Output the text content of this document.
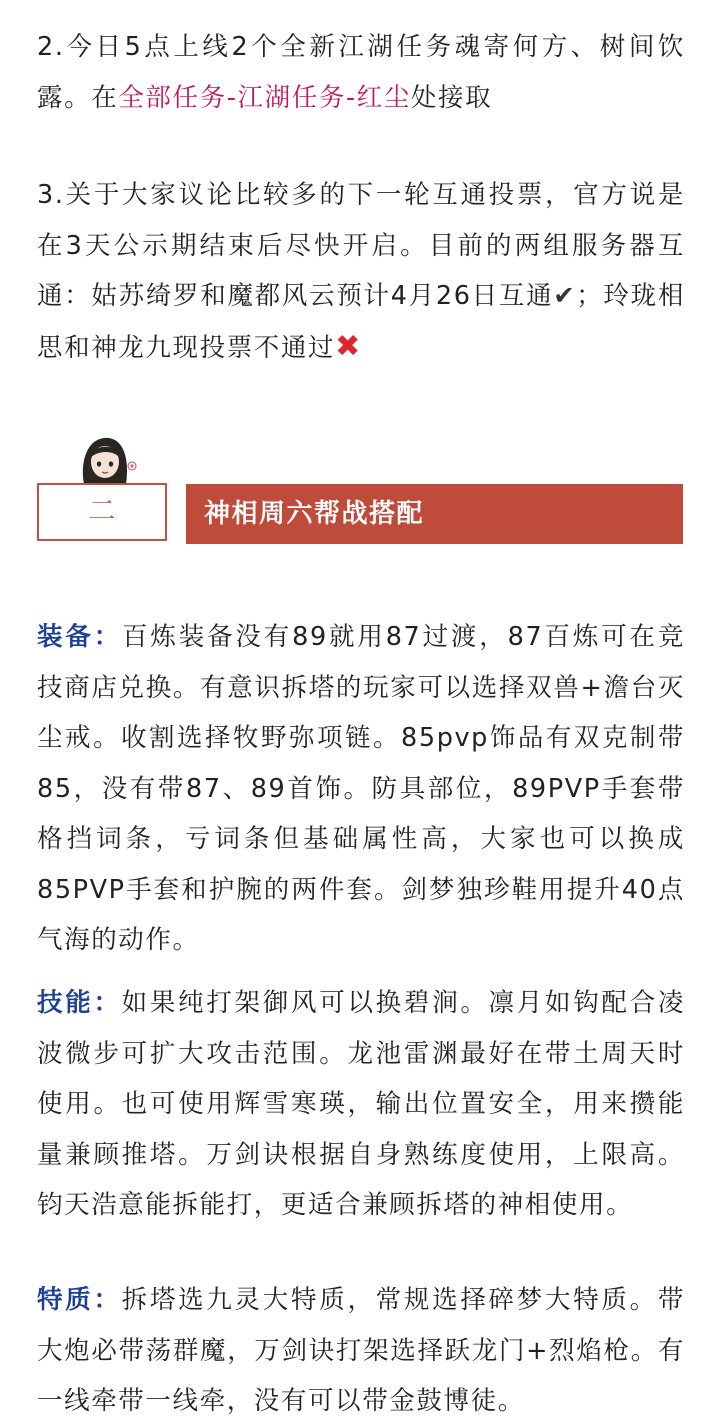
2.今日5点上线2个全新江湖任务魂寄何方、树间饮露。在全部任务-江湖任务-红尘处接取

3.关于大家议论比较多的下一轮互通投票，官方说是在3天公示期结束后尽快开启。目前的两组服务器互通：姑苏绮罗和魔都风云预计4月26日互通✔；玲珑相思和神龙九现投票不通过✖

二	神相周六帮战搭配

装备：百炼装备没有89就用87过渡，87百炼可在竞技商店兑换。有意识拆塔的玩家可以选择双兽+澹台灭尘戒。收割选择牧野弥项链。85pvp饰品有双克制带85，没有带87、89首饰。防具部位，89PVP手套带格挡词条，亏词条但基础属性高，大家也可以换成85PVP手套和护腕的两件套。剑梦独珍鞋用提升40点气海的动作。

技能：如果纯打架御风可以换碧涧。凛月如钩配合凌波微步可扩大攻击范围。龙池雷渊最好在带土周天时使用。也可使用辉雪寒瑛，输出位置安全，用来攒能量兼顾推塔。万剑诀根据自身熟练度使用，上限高。钧天浩意能拆能打，更适合兼顾拆塔的神相使用。

特质：拆塔选九灵大特质，常规选择碎梦大特质。带大炮必带荡群魔，万剑诀打架选择跃龙门+烈焰枪。有一线牵带一线牵，没有可以带金鼓博徒。
